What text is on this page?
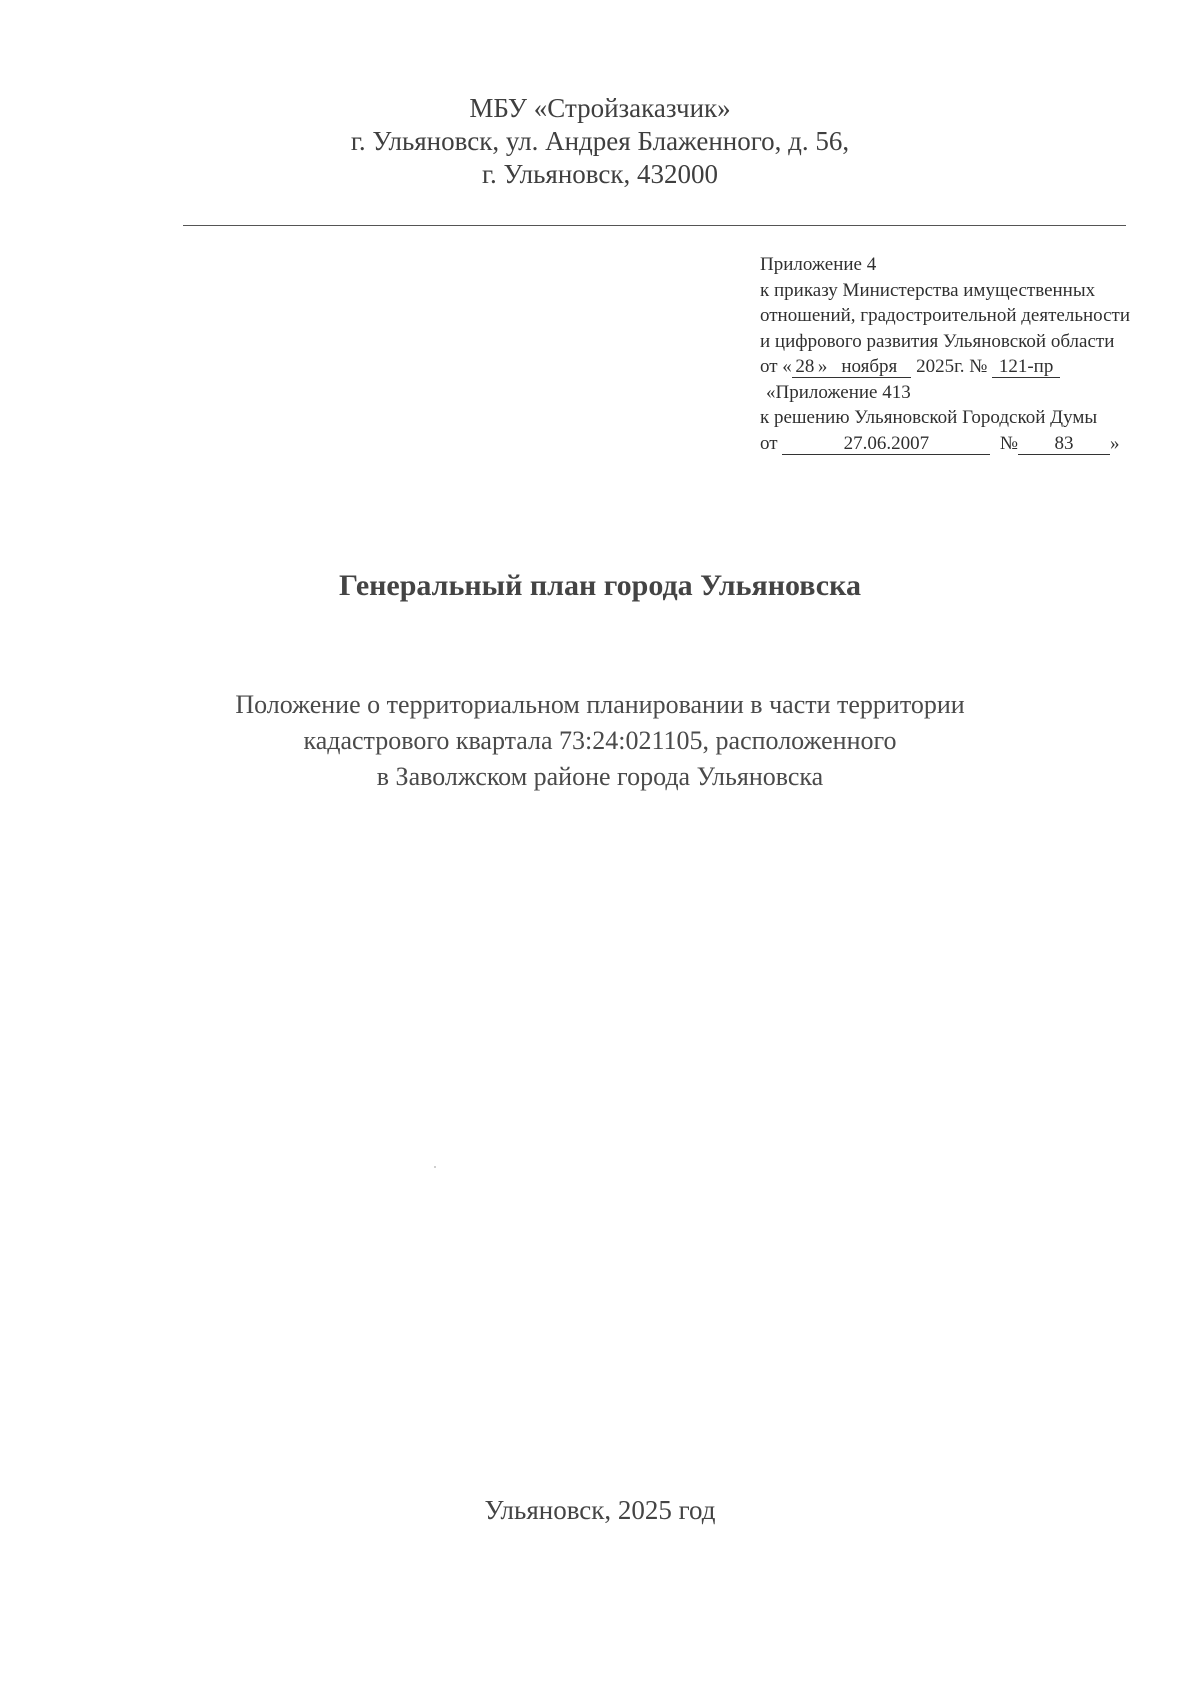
МБУ «Стройзаказчик»
г. Ульяновск, ул. Андрея Блаженного, д. 56,
г. Ульяновск, 432000
Приложение 4
к приказу Министерства имущественных
отношений, градостроительной деятельности
и цифрового развития Ульяновской области
от « 28 » ноября 2025г. № 121-пр
«Приложение 413
к решению Ульяновской Городской Думы
от	27.06.2007	№ 83 »
Генеральный план города Ульяновска
Положение о территориальном планировании в части территории
кадастрового квартала 73:24:021105, расположенного
в Заволжском районе города Ульяновска
Ульяновск, 2025 год
